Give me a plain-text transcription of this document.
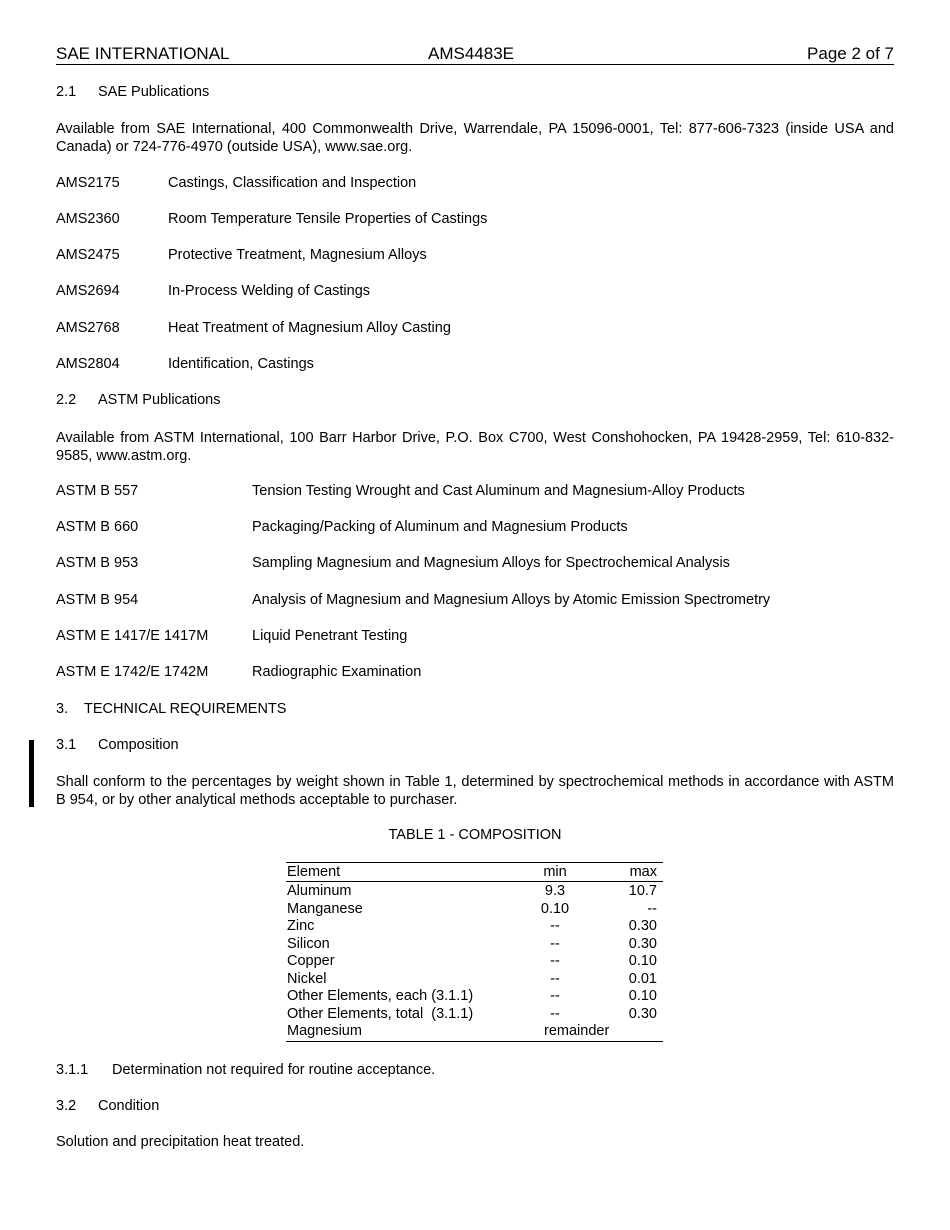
SAE INTERNATIONAL	AMS4483E	Page 2 of 7
2.1 SAE Publications
Available from SAE International, 400 Commonwealth Drive, Warrendale, PA 15096-0001, Tel: 877-606-7323 (inside USA and Canada) or 724-776-4970 (outside USA), www.sae.org.
AMS2175	Castings, Classification and Inspection
AMS2360	Room Temperature Tensile Properties of Castings
AMS2475	Protective Treatment, Magnesium Alloys
AMS2694	In-Process Welding of Castings
AMS2768	Heat Treatment of Magnesium Alloy Casting
AMS2804	Identification, Castings
2.2 ASTM Publications
Available from ASTM International, 100 Barr Harbor Drive, P.O. Box C700, West Conshohocken, PA 19428-2959, Tel: 610-832-9585, www.astm.org.
ASTM B 557	Tension Testing Wrought and Cast Aluminum and Magnesium-Alloy Products
ASTM B 660	Packaging/Packing of Aluminum and Magnesium Products
ASTM B 953	Sampling Magnesium and Magnesium Alloys for Spectrochemical Analysis
ASTM B 954	Analysis of Magnesium and Magnesium Alloys by Atomic Emission Spectrometry
ASTM E 1417/E 1417M	Liquid Penetrant Testing
ASTM E 1742/E 1742M	Radiographic Examination
3. TECHNICAL REQUIREMENTS
3.1 Composition
Shall conform to the percentages by weight shown in Table 1, determined by spectrochemical methods in accordance with ASTM B 954, or by other analytical methods acceptable to purchaser.
TABLE 1 - COMPOSITION
Element	min	max
Aluminum	9.3	10.7
Manganese	0.10	--
Zinc	--	0.30
Silicon	--	0.30
Copper	--	0.10
Nickel	--	0.01
Other Elements, each (3.1.1)	--	0.10
Other Elements, total  (3.1.1)	--	0.30
Magnesium	remainder
3.1.1 Determination not required for routine acceptance.
3.2 Condition
Solution and precipitation heat treated.
